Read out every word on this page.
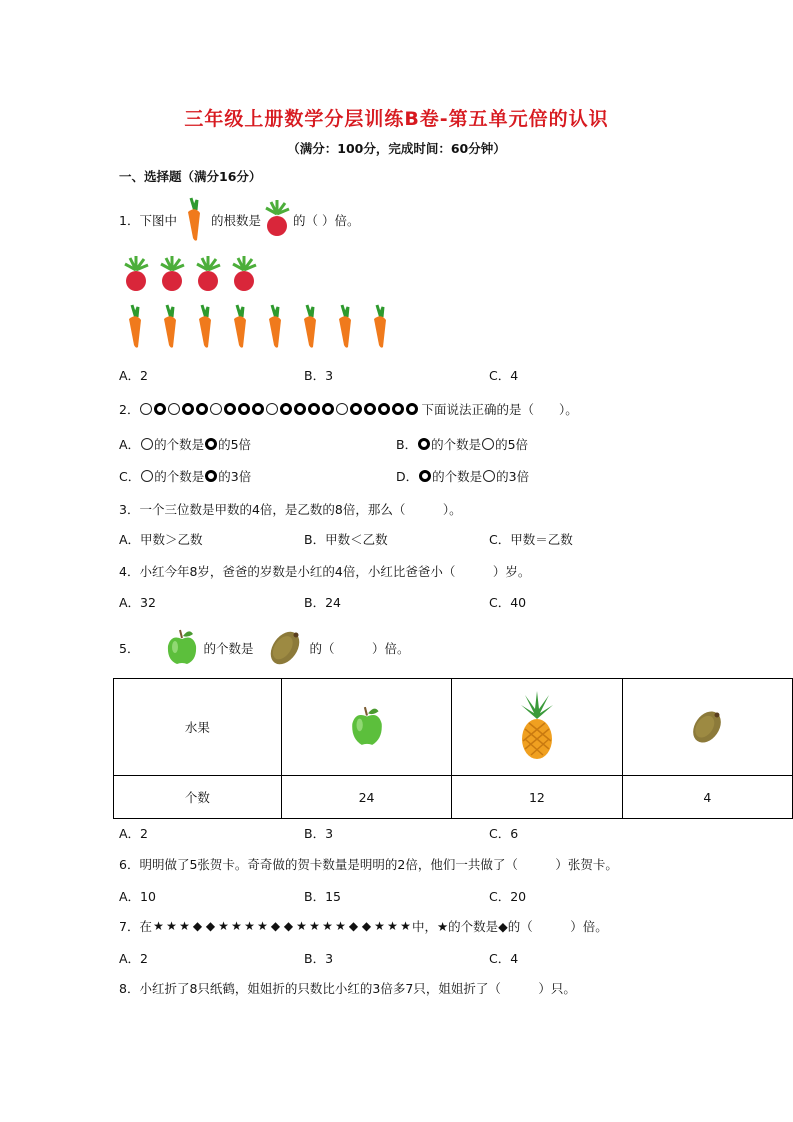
三年级上册数学分层训练B卷-第五单元倍的认识
（满分：100分，完成时间：60分钟）
一、选择题（满分16分）
1． 下图中	的根数是	的（ ）倍。
A．2	B．3	C．4
2．	下面说法正确的是（　　）。
A． 的个数是 的5倍	B． 的个数是 的5倍
C． 的个数是 的3倍	D． 的个数是 的3倍
3．一个三位数是甲数的4倍，是乙数的8倍，那么（　　　）。
A．甲数＞乙数	B．甲数＜乙数	C．甲数＝乙数
4．小红今年8岁，爸爸的岁数是小红的4倍，小红比爸爸小（　　　）岁。
A．32	B．24	C．40
5．	的个数是	的（　　　）倍。
水果			
个数	24	12	4
A．2	B．3	C．6
6．明明做了5张贺卡。奇奇做的贺卡数量是明明的2倍，他们一共做了（　　　）张贺卡。
A．10	B．15	C．20
7．在 ★ ★ ★ ◆ ◆ ★ ★ ★ ★ ◆ ◆ ★ ★ ★ ★ ◆ ◆ ★ ★ ★ 中，★的个数是◆的（　　　）倍。
A．2	B．3	C．4
8．小红折了8只纸鹤，姐姐折的只数比小红的3倍多7只，姐姐折了（　　　）只。
